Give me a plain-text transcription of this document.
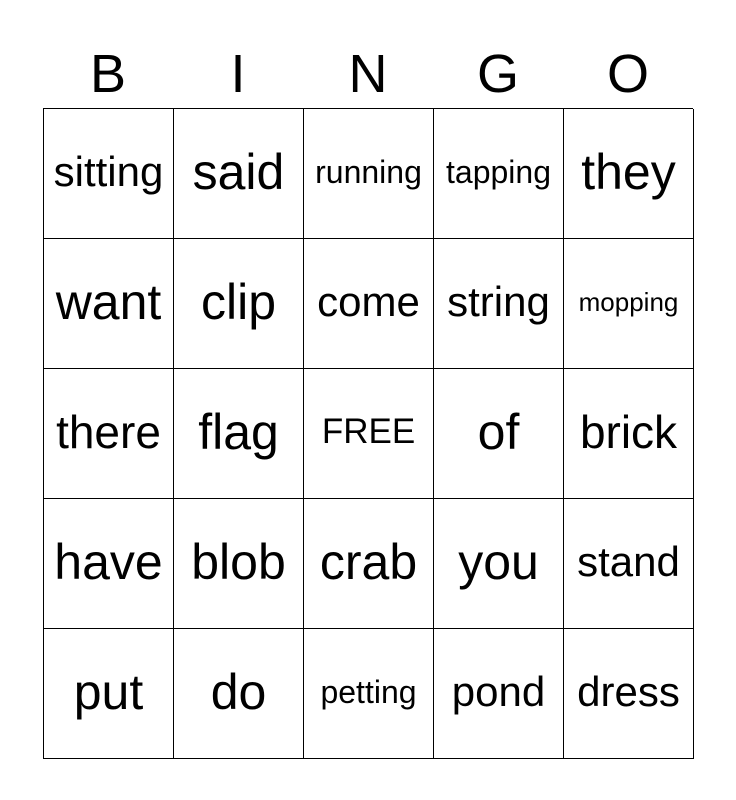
B	I	N	G	O
sitting said running tapping they
want clip come string	mopping
there flag	FREE	of	brick
have blob crab you stand
put	do	petting pond dress
